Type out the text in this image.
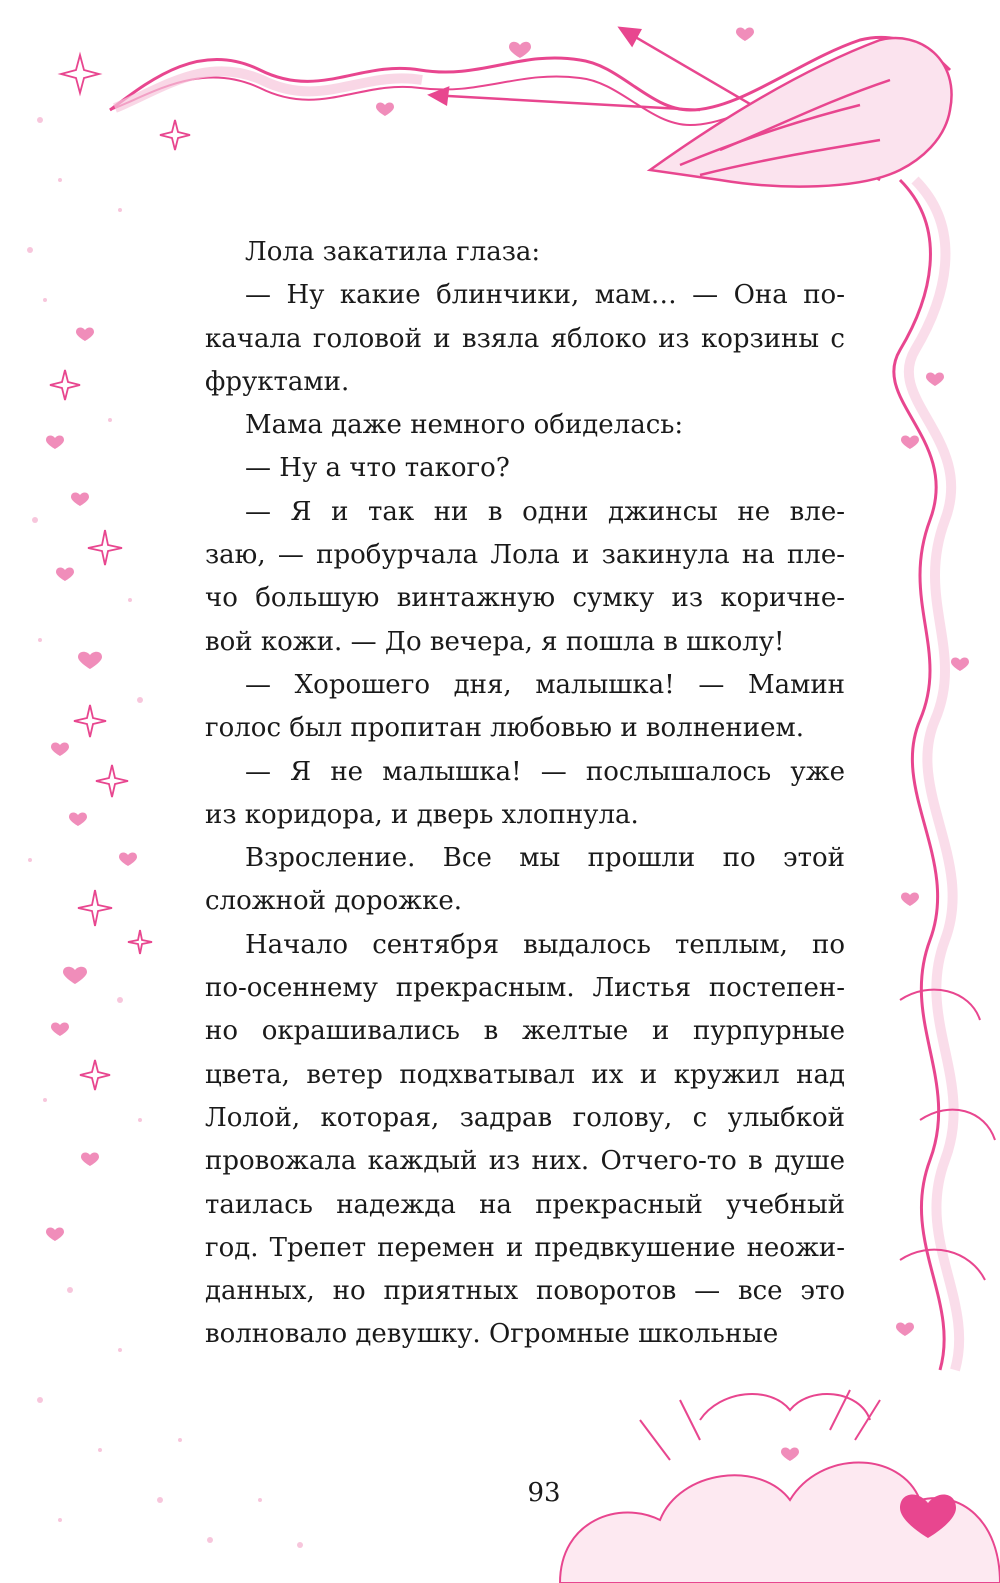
Лола закатила глаза:
— Ну какие блинчики, мам… — Она по-
качала головой и взяла яблоко из корзины с
фруктами.
Мама даже немного обиделась:
— Ну а что такого?
— Я и так ни в одни джинсы не вле-
заю, — пробурчала Лола и закинула на пле-
чо большую винтажную сумку из коричне-
вой кожи. — До вечера, я пошла в школу!
— Хорошего дня, малышка! — Мамин
голос был пропитан любовью и волнением.
— Я не малышка! — послышалось уже
из коридора, и дверь хлопнула.
Взросление. Все мы прошли по этой
сложной дорожке.
Начало сентября выдалось теплым, по
по-осеннему прекрасным. Листья постепен-
но окрашивались в желтые и пурпурные
цвета, ветер подхватывал их и кружил над
Лолой, которая, задрав голову, с улыбкой
провожала каждый из них. Отчего-то в душе
таилась надежда на прекрасный учебный
год. Трепет перемен и предвкушение неожи-
данных, но приятных поворотов — все это
волновало девушку. Огромные школьные
93
